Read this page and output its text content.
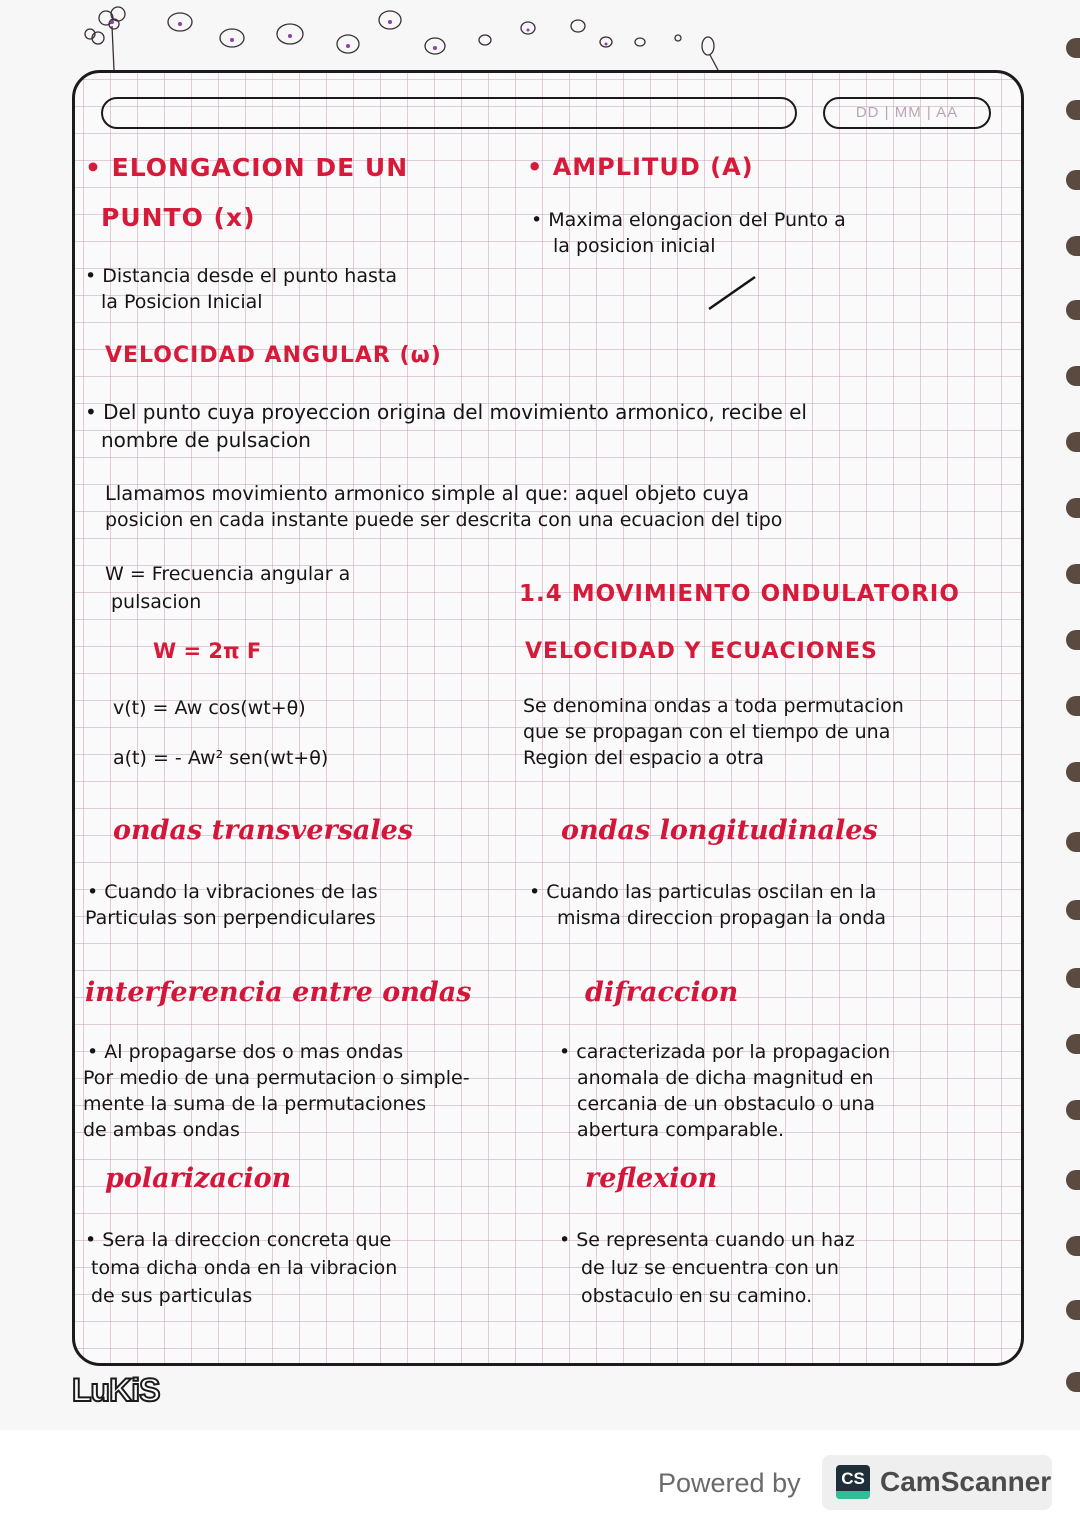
DD | MM | AA
• ELONGACION DE UN
PUNTO (x)
• Distancia desde el punto hasta
la Posicion Inicial
• AMPLITUD (A)
• Maxima elongacion del Punto a
la posicion inicial
VELOCIDAD ANGULAR (ω)
• Del punto cuya proyeccion origina del movimiento armonico, recibe el
nombre de pulsacion
Llamamos movimiento armonico simple al que: aquel objeto cuya
posicion en cada instante puede ser descrita con una ecuacion del tipo
W = Frecuencia angular a
pulsacion
W = 2π F
v(t) = Aw cos(wt+θ)
a(t) = - Aw² sen(wt+θ)
1.4 MOVIMIENTO ONDULATORIO
VELOCIDAD Y ECUACIONES
Se denomina ondas a toda permutacion
que se propagan con el tiempo de una
Region del espacio a otra
ondas transversales
• Cuando la vibraciones de las
Particulas son perpendiculares
ondas longitudinales
• Cuando las particulas oscilan en la
misma direccion propagan la onda
interferencia entre ondas
• Al propagarse dos o mas ondas
Por medio de una permutacion o simple-
mente la suma de la permutaciones
de ambas ondas
difraccion
• caracterizada por la propagacion
anomala de dicha magnitud en
cercania de un obstaculo o una
abertura comparable.
polarizacion
• Sera la direccion concreta que
toma dicha onda en la vibracion
de sus particulas
reflexion
• Se representa cuando un haz
de luz se encuentra con un
obstaculo en su camino.
LuKiS
Powered by	CS CamScanner
